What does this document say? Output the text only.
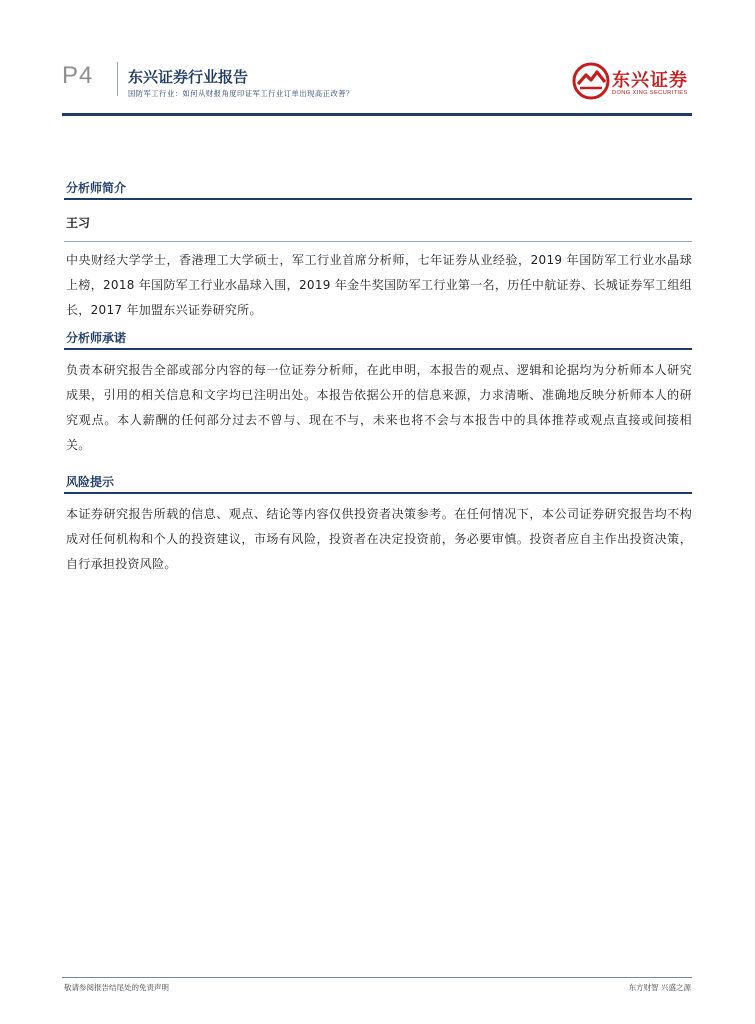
P4 东兴证券行业报告
国防军工行业：如何从财报角度印证军工行业订单出现高正改善？
东兴证券
DONG XING SECURITIES
分析师简介
王习
中央财经大学学士，香港理工大学硕士，军工行业首席分析师，七年证券从业经验，2019 年国防军工行业水晶球上榜，2018 年国防军工行业水晶球入围，2019 年金牛奖国防军工行业第一名，历任中航证券、长城证券军工组组长，2017 年加盟东兴证券研究所。
分析师承诺
负责本研究报告全部或部分内容的每一位证券分析师，在此申明，本报告的观点、逻辑和论据均为分析师本人研究成果，引用的相关信息和文字均已注明出处。本报告依据公开的信息来源，力求清晰、准确地反映分析师本人的研究观点。本人薪酬的任何部分过去不曾与、现在不与，未来也将不会与本报告中的具体推荐或观点直接或间接相关。
风险提示
本证券研究报告所载的信息、观点、结论等内容仅供投资者决策参考。在任何情况下，本公司证券研究报告均不构成对任何机构和个人的投资建议，市场有风险，投资者在决定投资前，务必要审慎。投资者应自主作出投资决策，自行承担投资风险。
敬请参阅报告结尾处的免责声明	东方财智 兴盛之源
